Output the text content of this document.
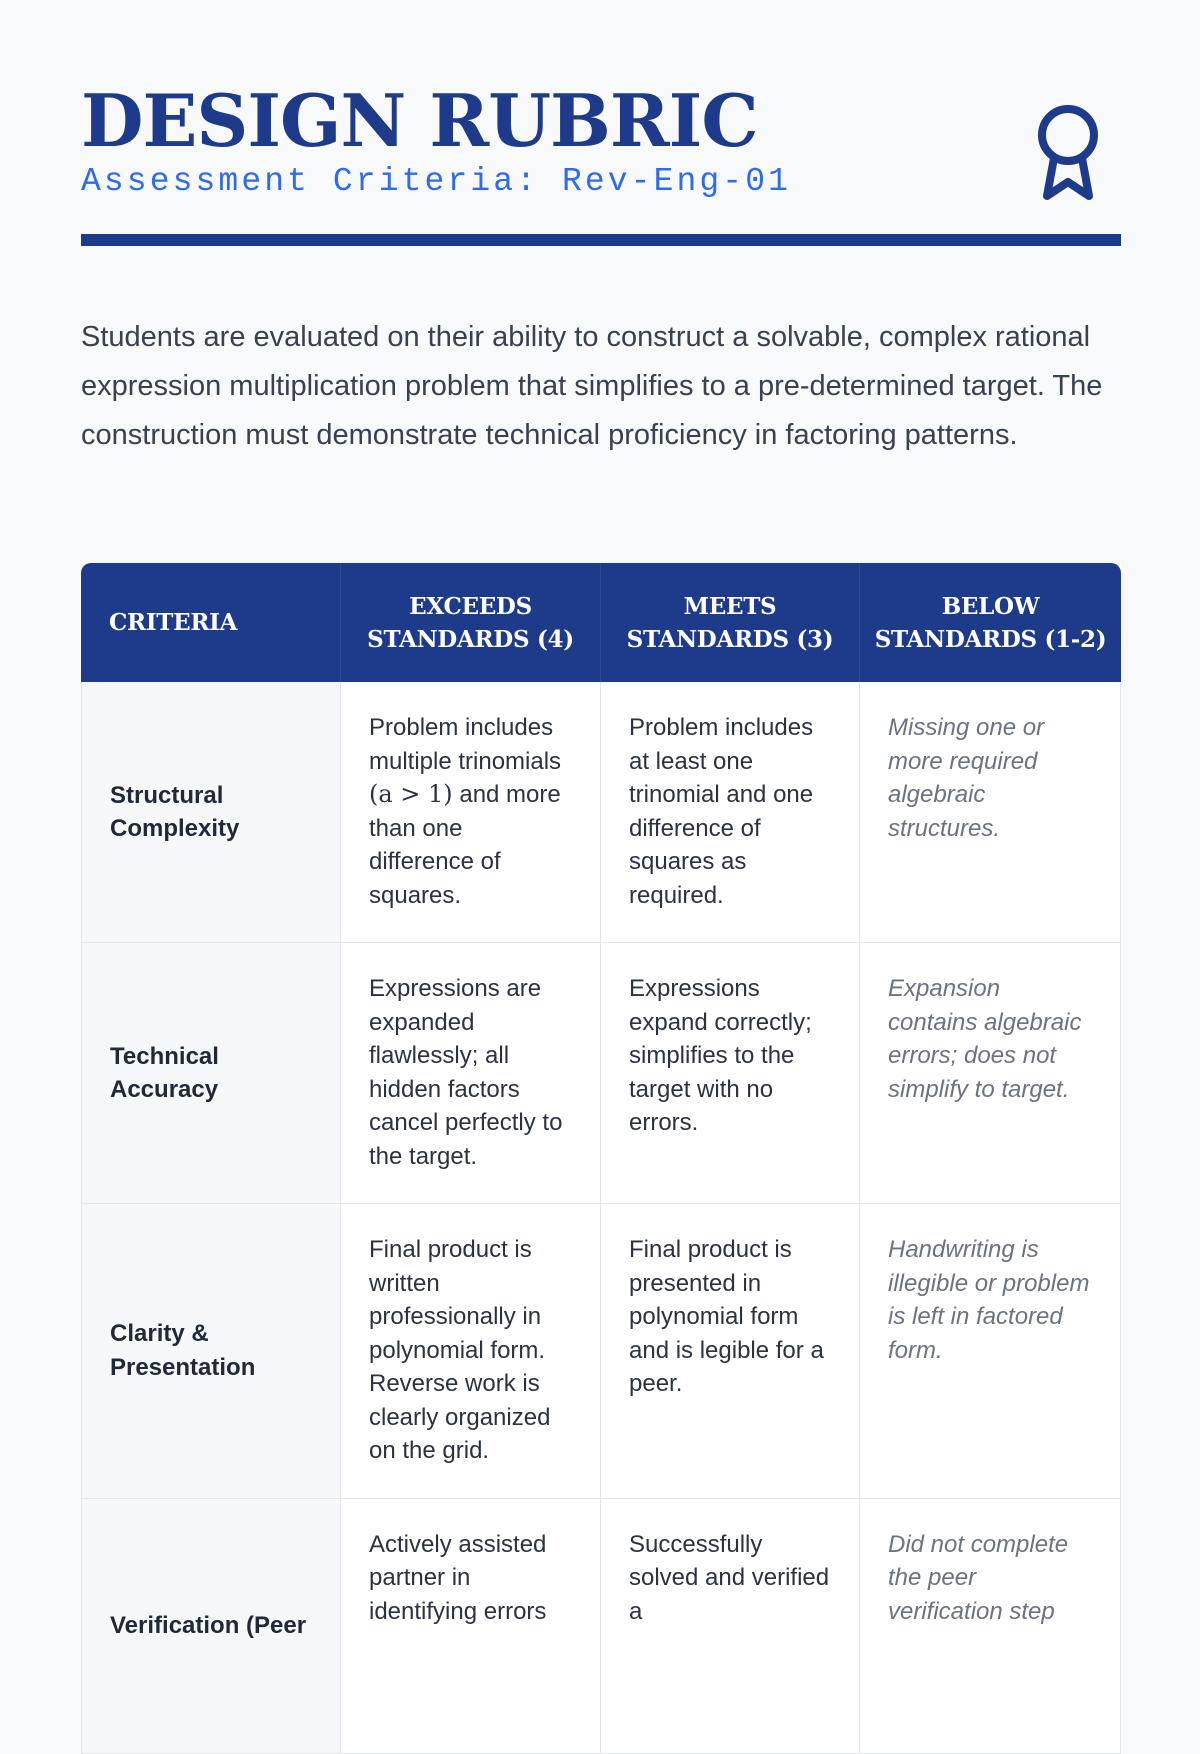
DESIGN RUBRIC
Assessment Criteria: Rev-Eng-01

Students are evaluated on their ability to construct a solvable, complex rational expression multiplication problem that simplifies to a pre-determined target. The construction must demonstrate technical proficiency in factoring patterns.

CRITERIA	EXCEEDS STANDARDS (4)	MEETS STANDARDS (3)	BELOW STANDARDS (1-2)
Structural Complexity	Problem includes multiple trinomials (a > 1) and more than one difference of squares.	Problem includes at least one trinomial and one difference of squares as required.	Missing one or more required algebraic structures.
Technical Accuracy	Expressions are expanded flawlessly; all hidden factors cancel perfectly to the target.	Expressions expand correctly; simplifies to the target with no errors.	Expansion contains algebraic errors; does not simplify to target.
Clarity & Presentation	Final product is written professionally in polynomial form. Reverse work is clearly organized on the grid.	Final product is presented in polynomial form and is legible for a peer.	Handwriting is illegible or problem is left in factored form.
Verification (Peer	Actively assisted partner in identifying errors	Successfully solved and verified a	Did not complete the peer verification step
